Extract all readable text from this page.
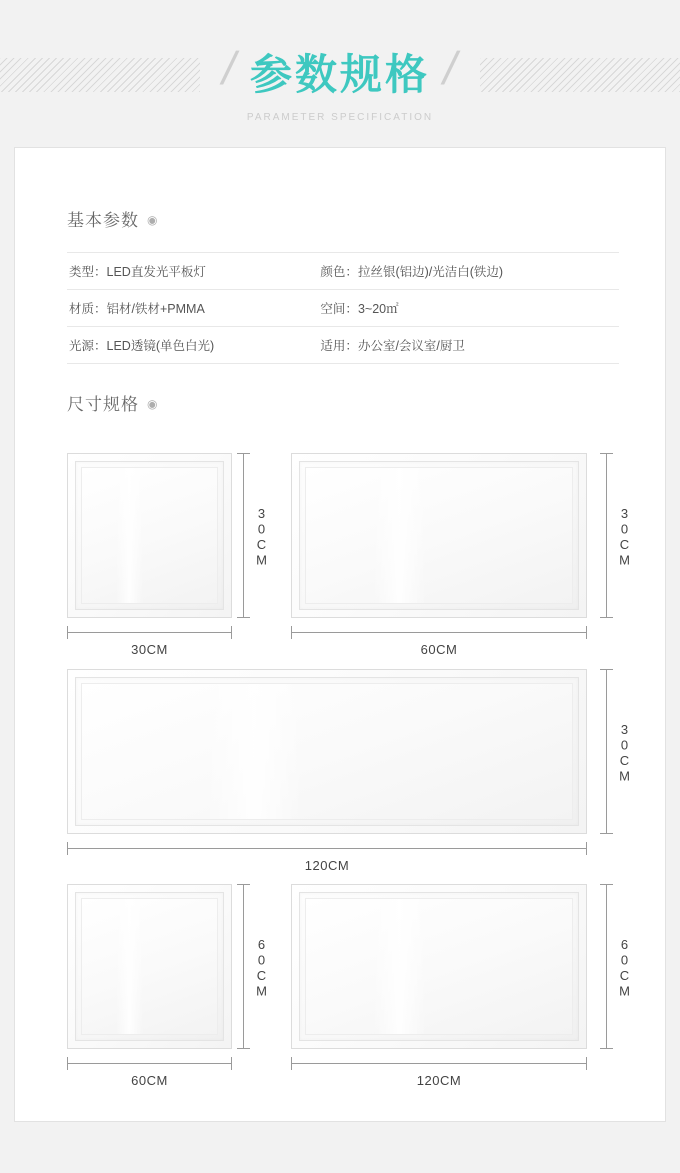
/ 参数规格 /
PARAMETER SPECIFICATION
基本参数 ◉
类型：LED直发光平板灯	颜色：拉丝银(铝边)/光洁白(铁边)
材质：铝材/铁材+PMMA	空间：3~20㎡
光源：LED透镜(单色白光)	适用：办公室/会议室/厨卫
尺寸规格 ◉
30CM
30CM
60CM
30CM
120CM
30CM
60CM
60CM
120CM
60CM
